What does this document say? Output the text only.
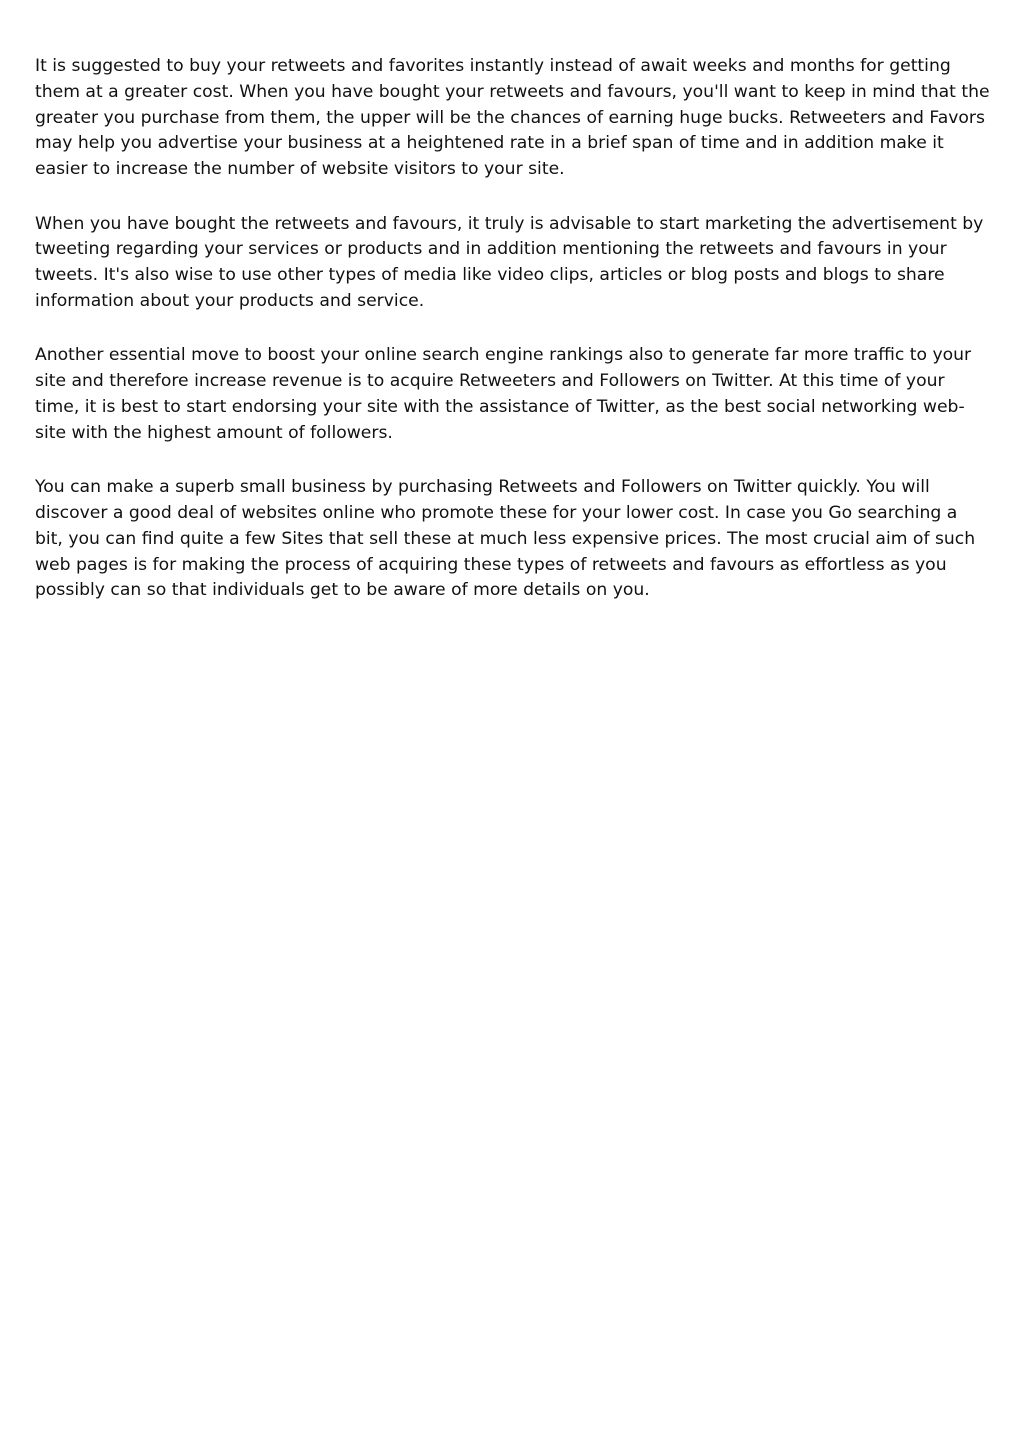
It is suggested to buy your retweets and favorites instantly instead of await weeks and months for getting them at a greater cost. When you have bought your retweets and favours, you'll want to keep in mind that the greater you purchase from them, the upper will be the chances of earning huge bucks. Retweeters and Favors may help you advertise your business at a heightened rate in a brief span of time and in addition make it easier to increase the number of website visitors to your site.

When you have bought the retweets and favours, it truly is advisable to start marketing the advertisement by tweeting regarding your services or products and in addition mentioning the retweets and favours in your tweets. It's also wise to use other types of media like video clips, articles or blog posts and blogs to share information about your products and service.

Another essential move to boost your online search engine rankings also to generate far more traffic to your site and therefore increase revenue is to acquire Retweeters and Followers on Twitter. At this time of your time, it is best to start endorsing your site with the assistance of Twitter, as the best social networking web-site with the highest amount of followers.

You can make a superb small business by purchasing Retweets and Followers on Twitter quickly. You will discover a good deal of websites online who promote these for your lower cost. In case you Go searching a bit, you can find quite a few Sites that sell these at much less expensive prices. The most crucial aim of such web pages is for making the process of acquiring these types of retweets and favours as effortless as you possibly can so that individuals get to be aware of more details on you.
